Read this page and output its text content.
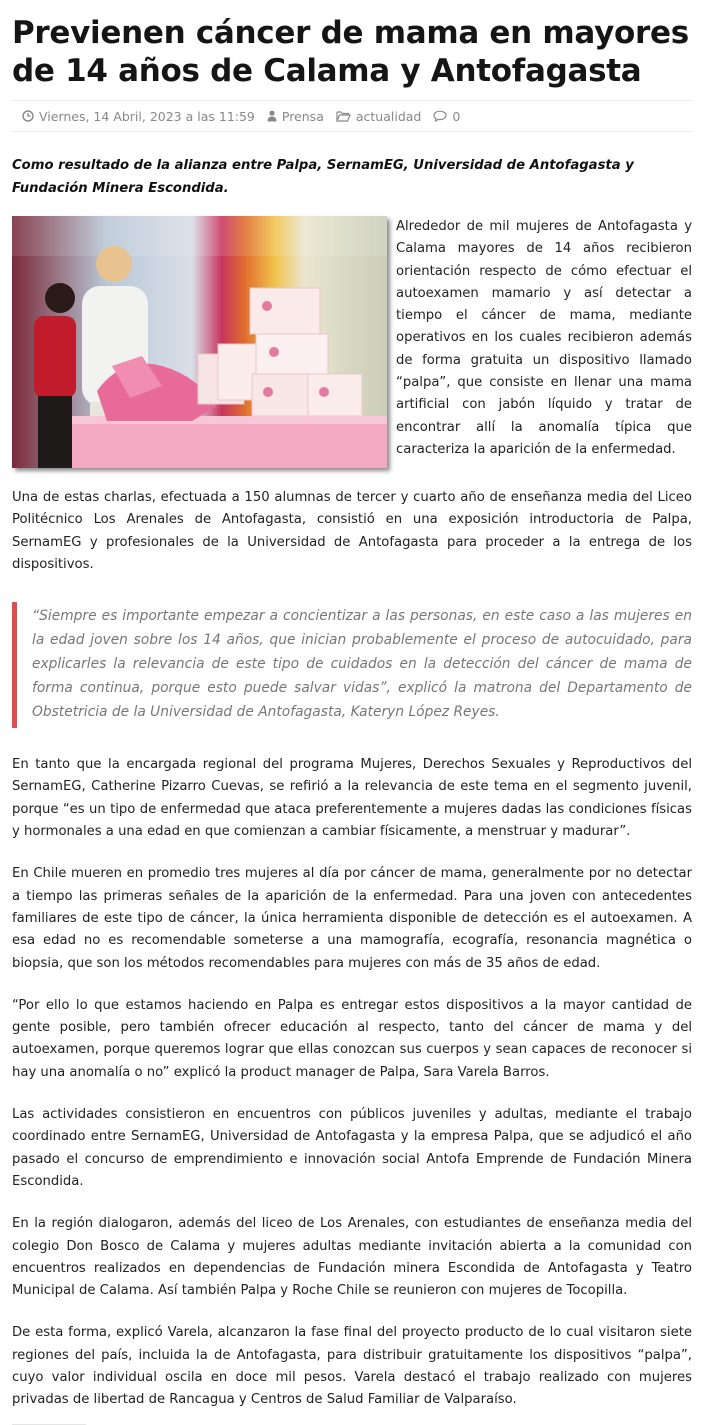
Previenen cáncer de mama en mayores de 14 años de Calama y Antofagasta
Viernes, 14 Abril, 2023 a las 11:59 Prensa	actualidad 0

Como resultado de la alianza entre Palpa, SernamEG, Universidad de Antofagasta y Fundación Minera Escondida.

Alrededor de mil mujeres de Antofagasta y Calama mayores de 14 años recibieron orientación respecto de cómo efectuar el autoexamen mamario y así detectar a tiempo el cáncer de mama, mediante operativos en los cuales recibieron además de forma gratuita un dispositivo llamado “palpa”, que consiste en llenar una mama artificial con jabón líquido y tratar de encontrar allí la anomalía típica que caracteriza la aparición de la enfermedad.

Una de estas charlas, efectuada a 150 alumnas de tercer y cuarto año de enseñanza media del Liceo Politécnico Los Arenales de Antofagasta, consistió en una exposición introductoria de Palpa, SernamEG y profesionales de la Universidad de Antofagasta para proceder a la entrega de los dispositivos.

“Siempre es importante empezar a concientizar a las personas, en este caso a las mujeres en la edad joven sobre los 14 años, que inician probablemente el proceso de autocuidado, para explicarles la relevancia de este tipo de cuidados en la detección del cáncer de mama de forma continua, porque esto puede salvar vidas”, explicó la matrona del Departamento de Obstetricia de la Universidad de Antofagasta, Kateryn López Reyes.

En tanto que la encargada regional del programa Mujeres, Derechos Sexuales y Reproductivos del SernamEG, Catherine Pizarro Cuevas, se refirió a la relevancia de este tema en el segmento juvenil, porque “es un tipo de enfermedad que ataca preferentemente a mujeres dadas las condiciones físicas y hormonales a una edad en que comienzan a cambiar físicamente, a menstruar y madurar”.

En Chile mueren en promedio tres mujeres al día por cáncer de mama, generalmente por no detectar a tiempo las primeras señales de la aparición de la enfermedad. Para una joven con antecedentes familiares de este tipo de cáncer, la única herramienta disponible de detección es el autoexamen. A esa edad no es recomendable someterse a una mamografía, ecografía, resonancia magnética o biopsia, que son los métodos recomendables para mujeres con más de 35 años de edad.

“Por ello lo que estamos haciendo en Palpa es entregar estos dispositivos a la mayor cantidad de gente posible, pero también ofrecer educación al respecto, tanto del cáncer de mama y del autoexamen, porque queremos lograr que ellas conozcan sus cuerpos y sean capaces de reconocer si hay una anomalía o no” explicó la product manager de Palpa, Sara Varela Barros.

Las actividades consistieron en encuentros con públicos juveniles y adultas, mediante el trabajo coordinado entre SernamEG, Universidad de Antofagasta y la empresa Palpa, que se adjudicó el año pasado el concurso de emprendimiento e innovación social Antofa Emprende de Fundación Minera Escondida.

En la región dialogaron, además del liceo de Los Arenales, con estudiantes de enseñanza media del colegio Don Bosco de Calama y mujeres adultas mediante invitación abierta a la comunidad con encuentros realizados en dependencias de Fundación minera Escondida de Antofagasta y Teatro Municipal de Calama. Así también Palpa y Roche Chile se reunieron con mujeres de Tocopilla.

De esta forma, explicó Varela, alcanzaron la fase final del proyecto producto de lo cual visitaron siete regiones del país, incluida la de Antofagasta, para distribuir gratuitamente los dispositivos “palpa”, cuyo valor individual oscila en doce mil pesos. Varela destacó el trabajo realizado con mujeres privadas de libertad de Rancagua y Centros de Salud Familiar de Valparaíso.
